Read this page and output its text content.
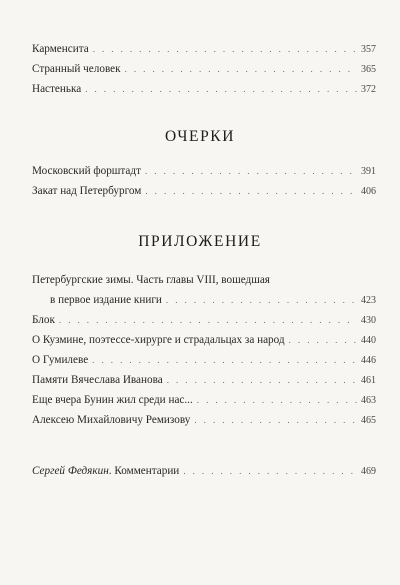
Карменсита . . .	357
Странный человек . . .	365
Настенька . . .	372
ОЧЕРКИ
Московский форштадт . . .	391
Закат над Петербургом . . .	406
ПРИЛОЖЕНИЕ
Петербургские зимы. Часть главы VIII, вошедшая
в первое издание книги . . .	423
Блок . . .	430
О Кузмине, поэтессе-хирурге и страдальцах за народ . . .	440
О Гумилеве . . .	446
Памяти Вячеслава Иванова . . .	461
Еще вчера Бунин жил среди нас... . . .	463
Алексею Михайловичу Ремизову . . .	465
Сергей Федякин. Комментарии . . .	469
